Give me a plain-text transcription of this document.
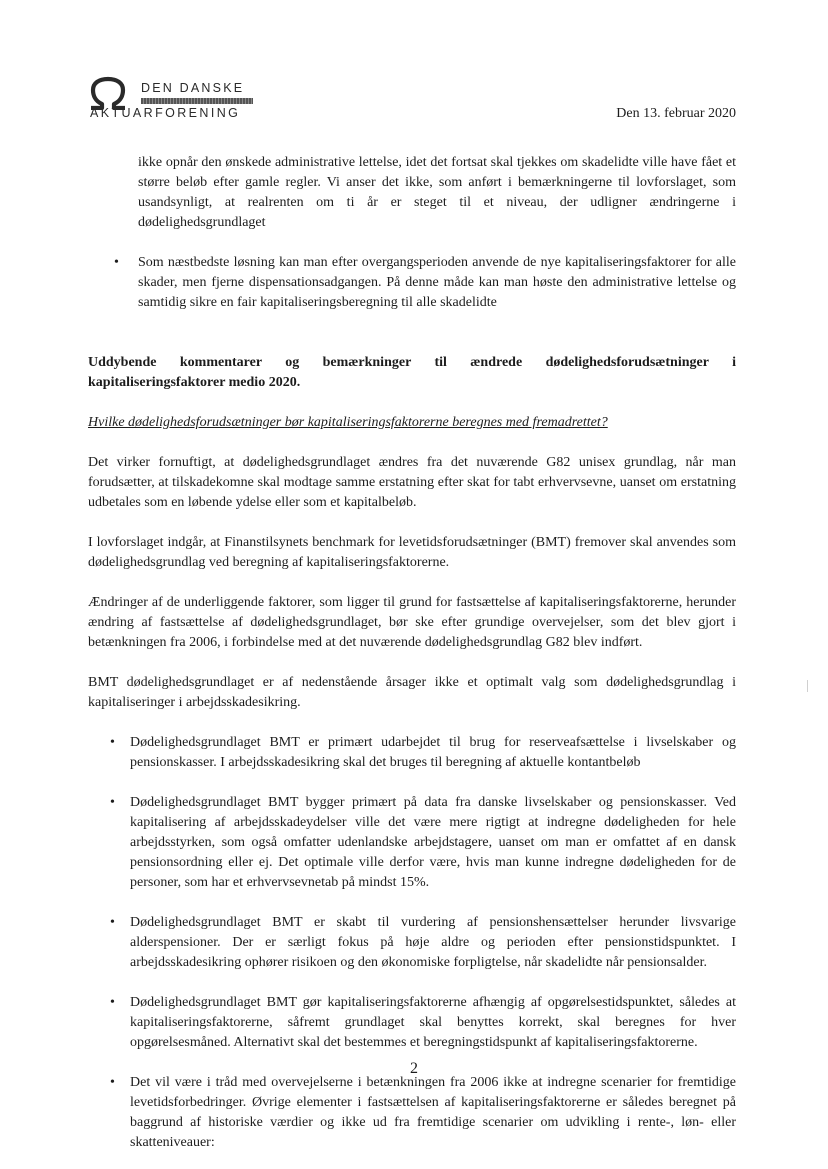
DEN DANSKE
AKTUARFORENING	Den 13. februar 2020

ikke opnår den ønskede administrative lettelse, idet det fortsat skal tjekkes om skadelidte ville have fået et større beløb efter gamle regler. Vi anser det ikke, som anført i bemærkningerne til lovforslaget, som usandsynligt, at realrenten om ti år er steget til et niveau, der udligner ændringerne i dødelighedsgrundlaget

• Som næstbedste løsning kan man efter overgangsperioden anvende de nye kapitaliseringsfaktorer for alle skader, men fjerne dispensationsadgangen. På denne måde kan man høste den administrative lettelse og samtidig sikre en fair kapitaliseringsberegning til alle skadelidte

Uddybende kommentarer og bemærkninger til ændrede dødelighedsforudsætninger i kapitaliseringsfaktorer medio 2020.

Hvilke dødelighedsforudsætninger bør kapitaliseringsfaktorerne beregnes med fremadrettet?

Det virker fornuftigt, at dødelighedsgrundlaget ændres fra det nuværende G82 unisex grundlag, når man forudsætter, at tilskadekomne skal modtage samme erstatning efter skat for tabt erhvervsevne, uanset om erstatning udbetales som en løbende ydelse eller som et kapitalbeløb.

I lovforslaget indgår, at Finanstilsynets benchmark for levetidsforudsætninger (BMT) fremover skal anvendes som dødelighedsgrundlag ved beregning af kapitaliseringsfaktorerne.

Ændringer af de underliggende faktorer, som ligger til grund for fastsættelse af kapitaliseringsfaktorerne, herunder ændring af fastsættelse af dødelighedsgrundlaget, bør ske efter grundige overvejelser, som det blev gjort i betænkningen fra 2006, i forbindelse med at det nuværende dødelighedsgrundlag G82 blev indført.

BMT dødelighedsgrundlaget er af nedenstående årsager ikke et optimalt valg som dødelighedsgrundlag i kapitaliseringer i arbejdsskadesikring.

• Dødelighedsgrundlaget BMT er primært udarbejdet til brug for reserveafsættelse i livselskaber og pensionskasser. I arbejdsskadesikring skal det bruges til beregning af aktuelle kontantbeløb

• Dødelighedsgrundlaget BMT bygger primært på data fra danske livselskaber og pensionskasser. Ved kapitalisering af arbejdsskadeydelser ville det være mere rigtigt at indregne dødeligheden for hele arbejdsstyrken, som også omfatter udenlandske arbejdstagere, uanset om man er omfattet af en dansk pensionsordning eller ej. Det optimale ville derfor være, hvis man kunne indregne dødeligheden for de personer, som har et erhvervsevnetab på mindst 15%.

• Dødelighedsgrundlaget BMT er skabt til vurdering af pensionshensættelser herunder livsvarige alderspensioner. Der er særligt fokus på høje aldre og perioden efter pensionstidspunktet. I arbejdsskadesikring ophører risikoen og den økonomiske forpligtelse, når skadelidte når pensionsalder.

• Dødelighedsgrundlaget BMT gør kapitaliseringsfaktorerne afhængig af opgørelsestidspunktet, således at kapitaliseringsfaktorerne, såfremt grundlaget skal benyttes korrekt, skal beregnes for hver opgørelsesmåned. Alternativt skal det bestemmes et beregningstidspunkt af kapitaliseringsfaktorerne.

• Det vil være i tråd med overvejelserne i betænkningen fra 2006 ikke at indregne scenarier for fremtidige levetidsforbedringer. Øvrige elementer i fastsættelsen af kapitaliseringsfaktorerne er således beregnet på baggrund af historiske værdier og ikke ud fra fremtidige scenarier om udvikling i rente-, løn- eller skatteniveauer:

2
